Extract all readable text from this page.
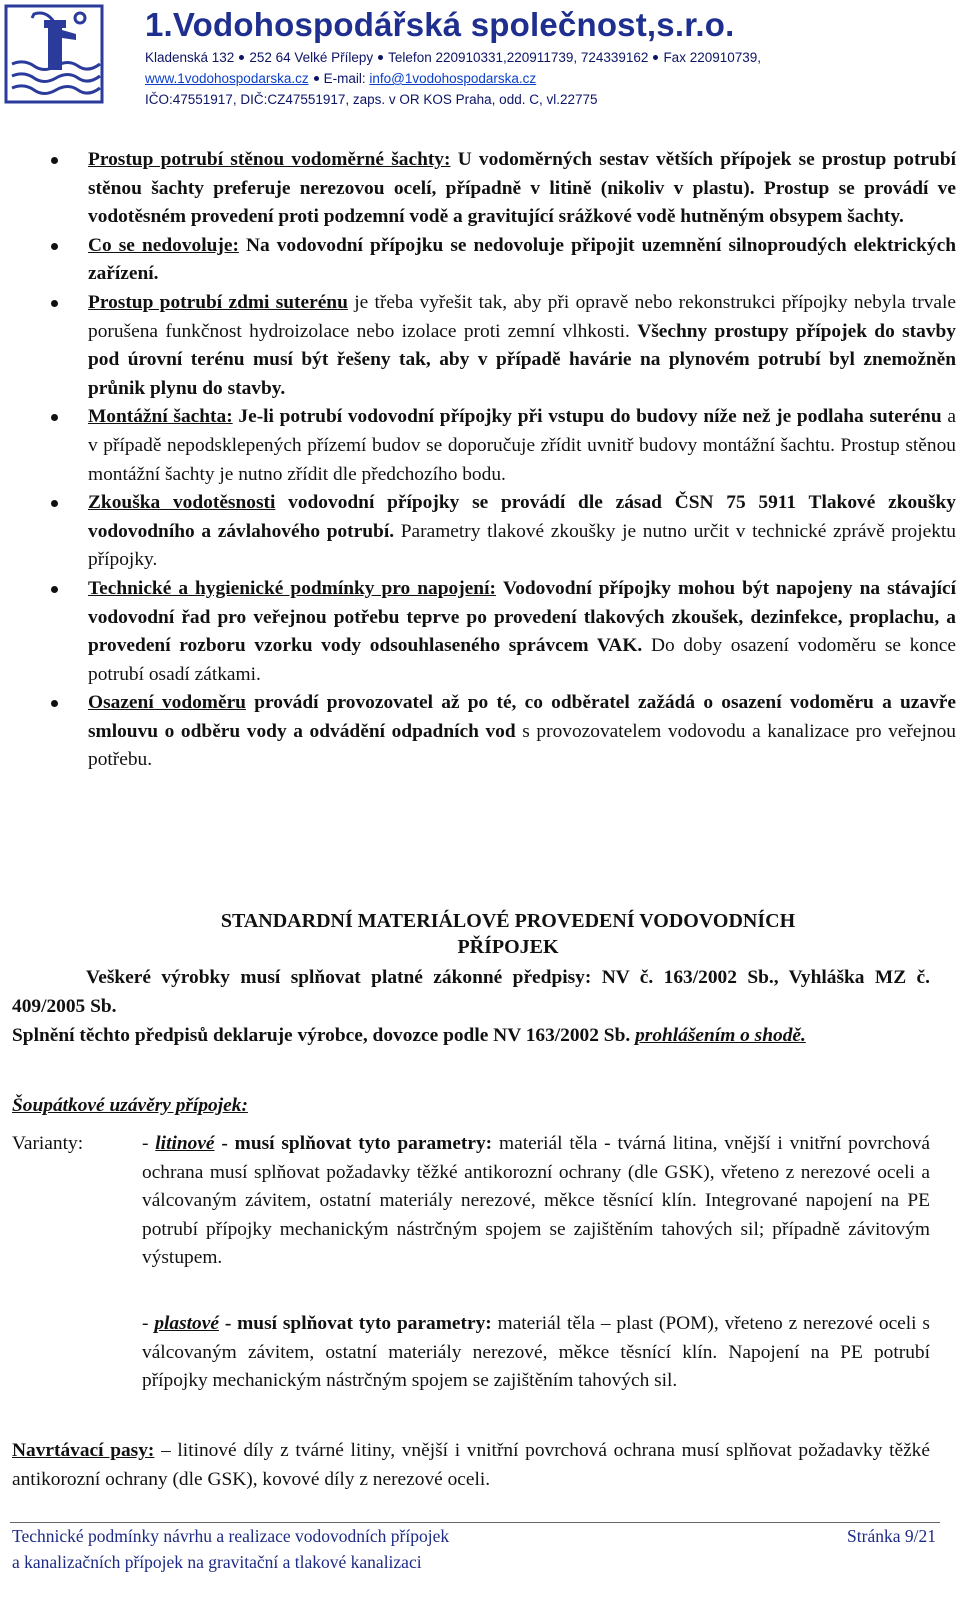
1.Vodohospodářská společnost,s.r.o.
Kladenská 132 252 64 Velké Přílepy Telefon 220910331,220911739, 724339162 Fax 220910739,
www.1vodohospodarska.cz E-mail: info@1vodohospodarska.cz
IČO:47551917, DIČ:CZ47551917, zaps. v OR KOS Praha, odd. C, vl.22775
Prostup potrubí stěnou vodoměrné šachty: U vodoměrných sestav větších přípojek se prostup potrubí stěnou šachty preferuje nerezovou ocelí, případně v litině (nikoliv v plastu). Prostup se provádí ve vodotěsném provedení proti podzemní vodě a gravitující srážkové vodě hutněným obsypem šachty.
Co se nedovoluje: Na vodovodní přípojku se nedovoluje připojit uzemnění silnoproudých elektrických zařízení.
Prostup potrubí zdmi suterénu je třeba vyřešit tak, aby při opravě nebo rekonstrukci přípojky nebyla trvale porušena funkčnost hydroizolace nebo izolace proti zemní vlhkosti. Všechny prostupy přípojek do stavby pod úrovní terénu musí být řešeny tak, aby v případě havárie na plynovém potrubí byl znemožněn průnik plynu do stavby.
Montážní šachta: Je-li potrubí vodovodní přípojky při vstupu do budovy níže než je podlaha suterénu a v případě nepodsklepených přízemí budov se doporučuje zřídit uvnitř budovy montážní šachtu. Prostup stěnou montážní šachty je nutno zřídit dle předchozího bodu.
Zkouška vodotěsnosti vodovodní přípojky se provádí dle zásad ČSN 75 5911 Tlakové zkoušky vodovodního a závlahového potrubí. Parametry tlakové zkoušky je nutno určit v technické zprávě projektu přípojky.
Technické a hygienické podmínky pro napojení: Vodovodní přípojky mohou být napojeny na stávající vodovodní řad pro veřejnou potřebu teprve po provedení tlakových zkoušek, dezinfekce, proplachu, a provedení rozboru vzorku vody odsouhlaseného správcem VAK. Do doby osazení vodoměru se konce potrubí osadí zátkami.
Osazení vodoměru provádí provozovatel až po té, co odběratel zažádá o osazení vodoměru a uzavře smlouvu o odběru vody a odvádění odpadních vod s provozovatelem vodovodu a kanalizace pro veřejnou potřebu.
STANDARDNÍ MATERIÁLOVÉ PROVEDENÍ VODOVODNÍCH
PŘÍPOJEK
Veškeré výrobky musí splňovat platné zákonné předpisy: NV č. 163/2002 Sb., Vyhláška MZ č. 409/2005 Sb.
Splnění těchto předpisů deklaruje výrobce, dovozce podle NV 163/2002 Sb. prohlášením o shodě.
Šoupátkové uzávěry přípojek:
Varianty:	- litinové - musí splňovat tyto parametry: materiál těla - tvárná litina, vnější i vnitřní povrchová ochrana musí splňovat požadavky těžké antikorozní ochrany (dle GSK), vřeteno z nerezové oceli a válcovaným závitem, ostatní materiály nerezové, měkce těsnící klín. Integrované napojení na PE potrubí přípojky mechanickým nástrčným spojem se zajištěním tahových sil; případně závitovým výstupem.
- plastové - musí splňovat tyto parametry: materiál těla – plast (POM), vřeteno z nerezové oceli s válcovaným závitem, ostatní materiály nerezové, měkce těsnící klín. Napojení na PE potrubí přípojky mechanickým nástrčným spojem se zajištěním tahových sil.
Navrtávací pasy: – litinové díly z tvárné litiny, vnější i vnitřní povrchová ochrana musí splňovat požadavky těžké antikorozní ochrany (dle GSK), kovové díly z nerezové oceli.
Technické podmínky návrhu a realizace vodovodních přípojek
a kanalizačních přípojek na gravitační a tlakové kanalizaci
Stránka 9/21
